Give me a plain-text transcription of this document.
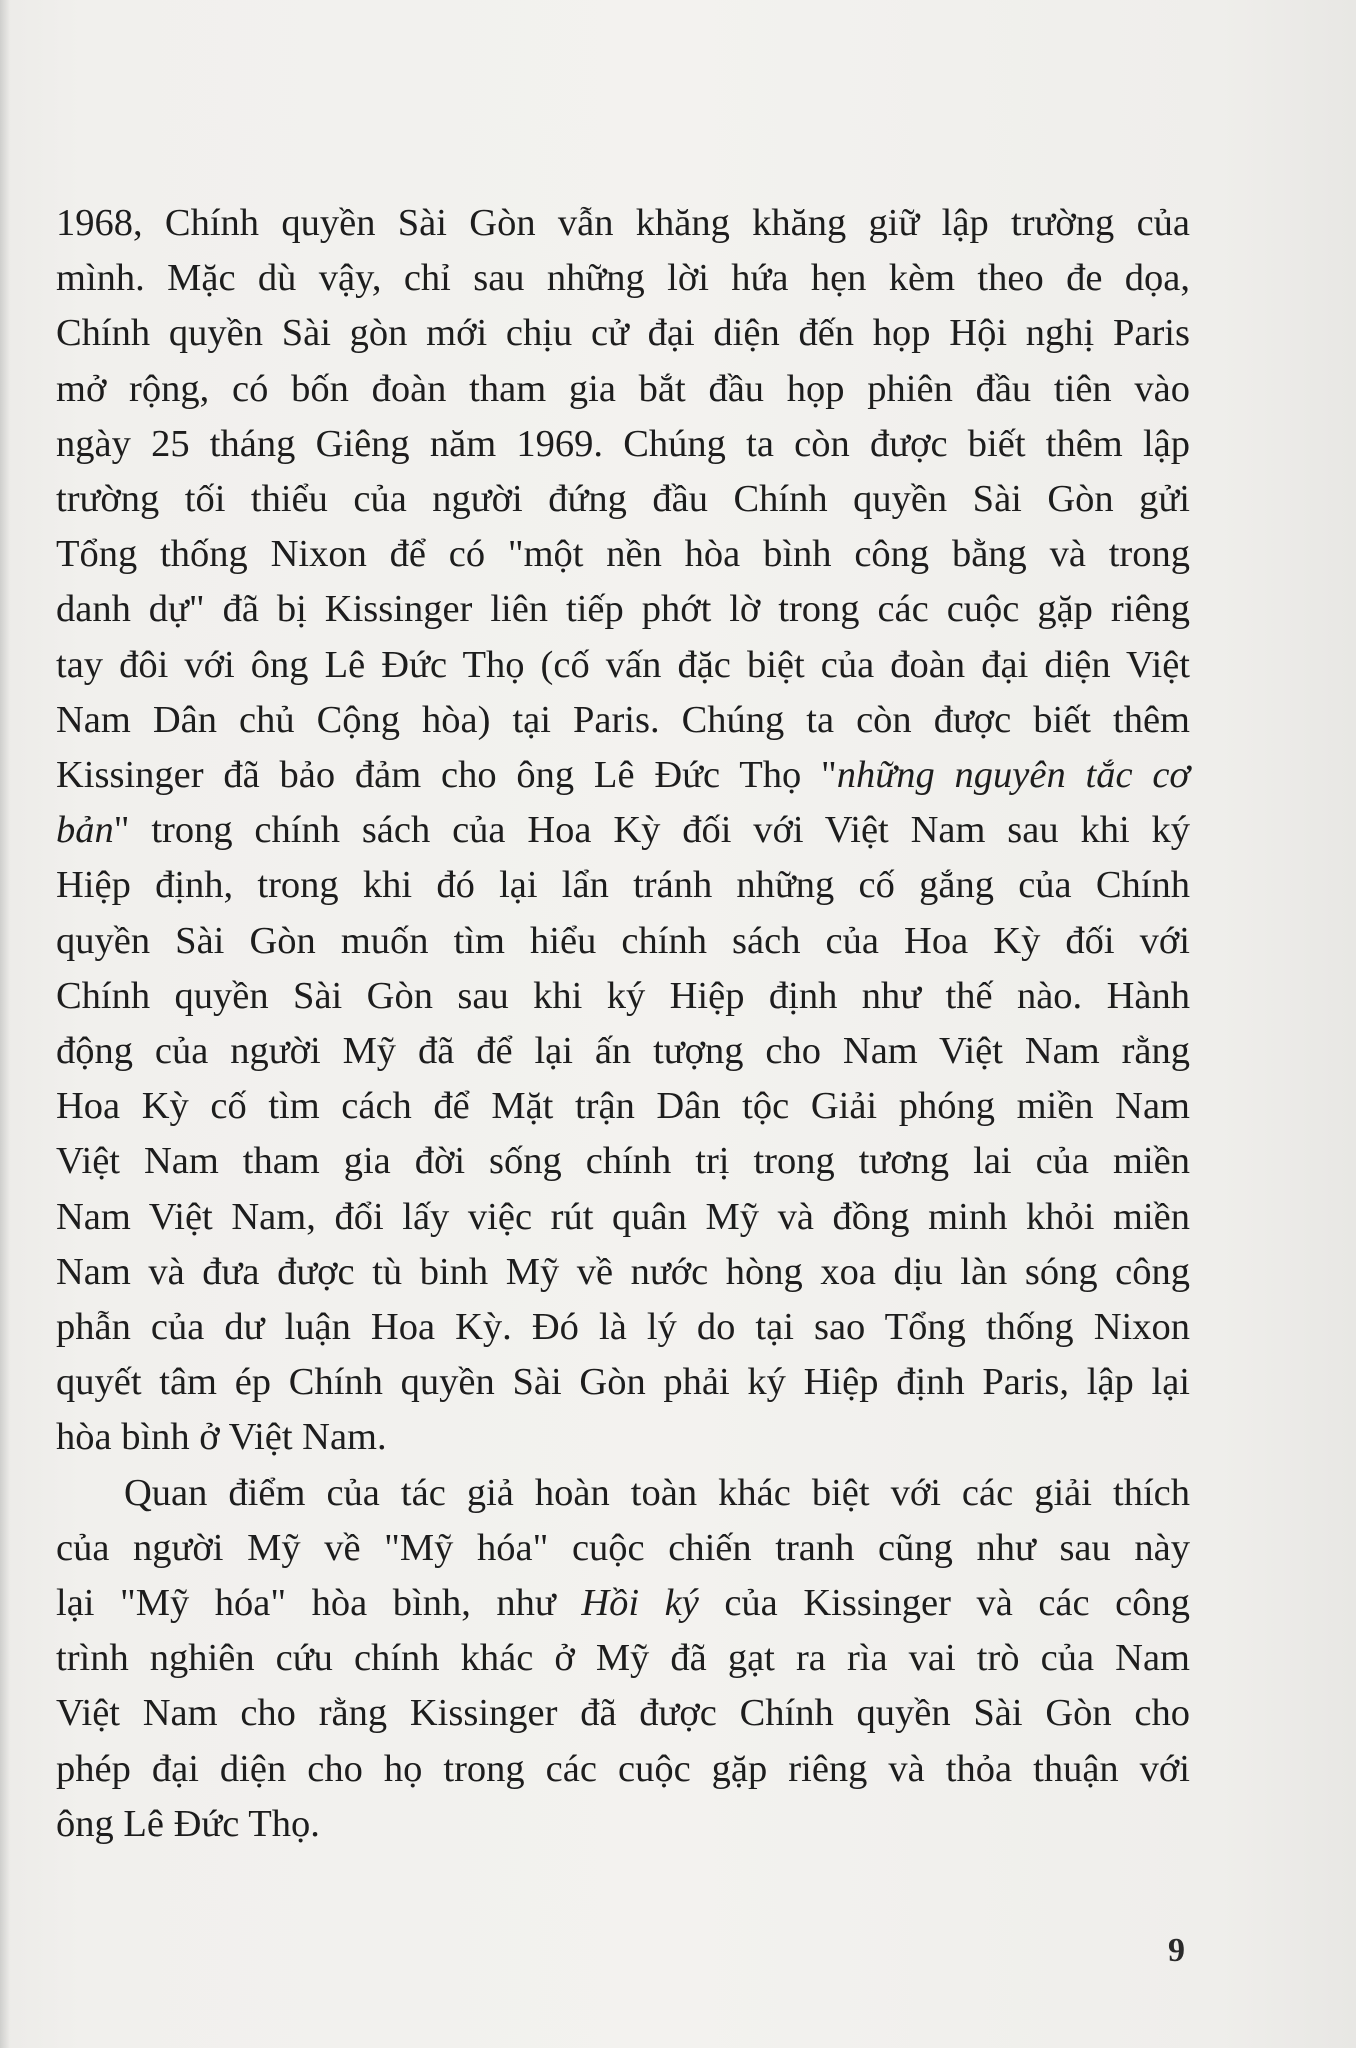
1968, Chính quyền Sài Gòn vẫn khăng khăng giữ lập trường của
mình. Mặc dù vậy, chỉ sau những lời hứa hẹn kèm theo đe dọa,
Chính quyền Sài gòn mới chịu cử đại diện đến họp Hội nghị Paris
mở rộng, có bốn đoàn tham gia bắt đầu họp phiên đầu tiên vào
ngày 25 tháng Giêng năm 1969. Chúng ta còn được biết thêm lập
trường tối thiểu của người đứng đầu Chính quyền Sài Gòn gửi
Tổng thống Nixon để có "một nền hòa bình công bằng và trong
danh dự" đã bị Kissinger liên tiếp phớt lờ trong các cuộc gặp riêng
tay đôi với ông Lê Đức Thọ (cố vấn đặc biệt của đoàn đại diện Việt
Nam Dân chủ Cộng hòa) tại Paris. Chúng ta còn được biết thêm
Kissinger đã bảo đảm cho ông Lê Đức Thọ "những nguyên tắc cơ
bản" trong chính sách của Hoa Kỳ đối với Việt Nam sau khi ký
Hiệp định, trong khi đó lại lẩn tránh những cố gắng của Chính
quyền Sài Gòn muốn tìm hiểu chính sách của Hoa Kỳ đối với
Chính quyền Sài Gòn sau khi ký Hiệp định như thế nào. Hành
động của người Mỹ đã để lại ấn tượng cho Nam Việt Nam rằng
Hoa Kỳ cố tìm cách để Mặt trận Dân tộc Giải phóng miền Nam
Việt Nam tham gia đời sống chính trị trong tương lai của miền
Nam Việt Nam, đổi lấy việc rút quân Mỹ và đồng minh khỏi miền
Nam và đưa được tù binh Mỹ về nước hòng xoa dịu làn sóng công
phẫn của dư luận Hoa Kỳ. Đó là lý do tại sao Tổng thống Nixon
quyết tâm ép Chính quyền Sài Gòn phải ký Hiệp định Paris, lập lại
hòa bình ở Việt Nam.
Quan điểm của tác giả hoàn toàn khác biệt với các giải thích
của người Mỹ về "Mỹ hóa" cuộc chiến tranh cũng như sau này
lại "Mỹ hóa" hòa bình, như Hồi ký của Kissinger và các công
trình nghiên cứu chính khác ở Mỹ đã gạt ra rìa vai trò của Nam
Việt Nam cho rằng Kissinger đã được Chính quyền Sài Gòn cho
phép đại diện cho họ trong các cuộc gặp riêng và thỏa thuận với
ông Lê Đức Thọ.
9
